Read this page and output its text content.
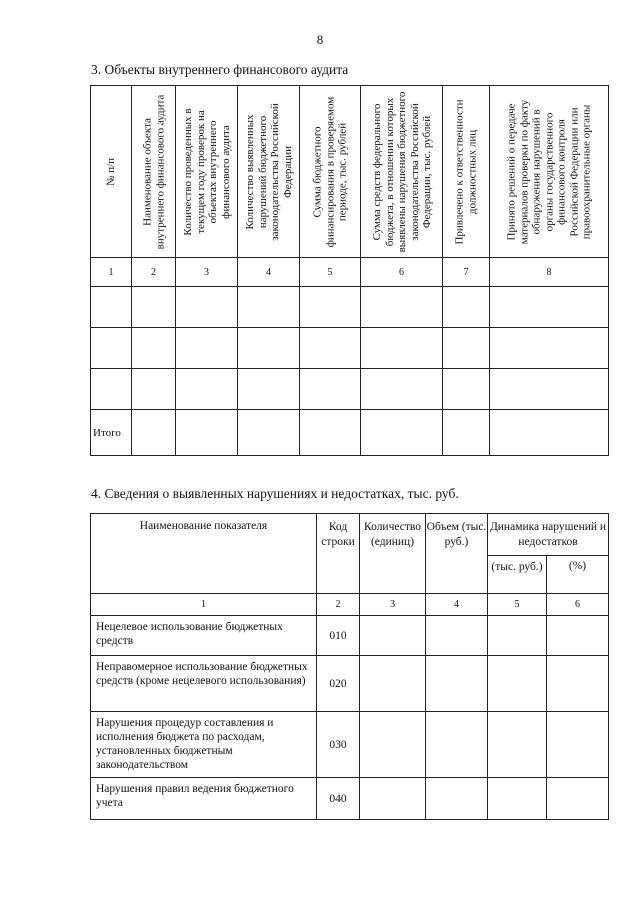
8
3. Объекты внутреннего финансового аудита
№ п/п	Наименование объекта внутреннего финансового аудита	Количество проведенных в текущем году проверок на объектах внутреннего финансового аудита	Количество выявленных нарушений бюджетного законодательства Российской Федерации	Сумма бюджетного финансирования в проверяемом периоде, тыс. рублей	Сумма средств федерального бюджета, в отношении которых выявлены нарушения бюджетного законодательства Российской Федерации, тыс. рублей	Привлечено к ответственности должностных лиц	Принято решений о передаче материалов проверки по факту обнаружения нарушений в органы государственного финансового контроля Российской Федерации или правоохранительные органы

1	2	3	4	5	6	7	8

Итого							
4. Сведения о выявленных нарушениях и недостатках, тыс. руб.
Наименование показателя	Код строки	Количество (единиц)	Объем (тыс. руб.)	Динамика нарушений и недостатков	
				(тыс. руб.)	(%)
1	2	3	4	5	6
Нецелевое использование бюджетных средств	010				
Неправомерное использование бюджетных средств (кроме нецелевого использования)	020				
Нарушения процедур составления и исполнения бюджета по расходам, установленных бюджетным законодательством	030				
Нарушения правил ведения бюджетного учета	040				
